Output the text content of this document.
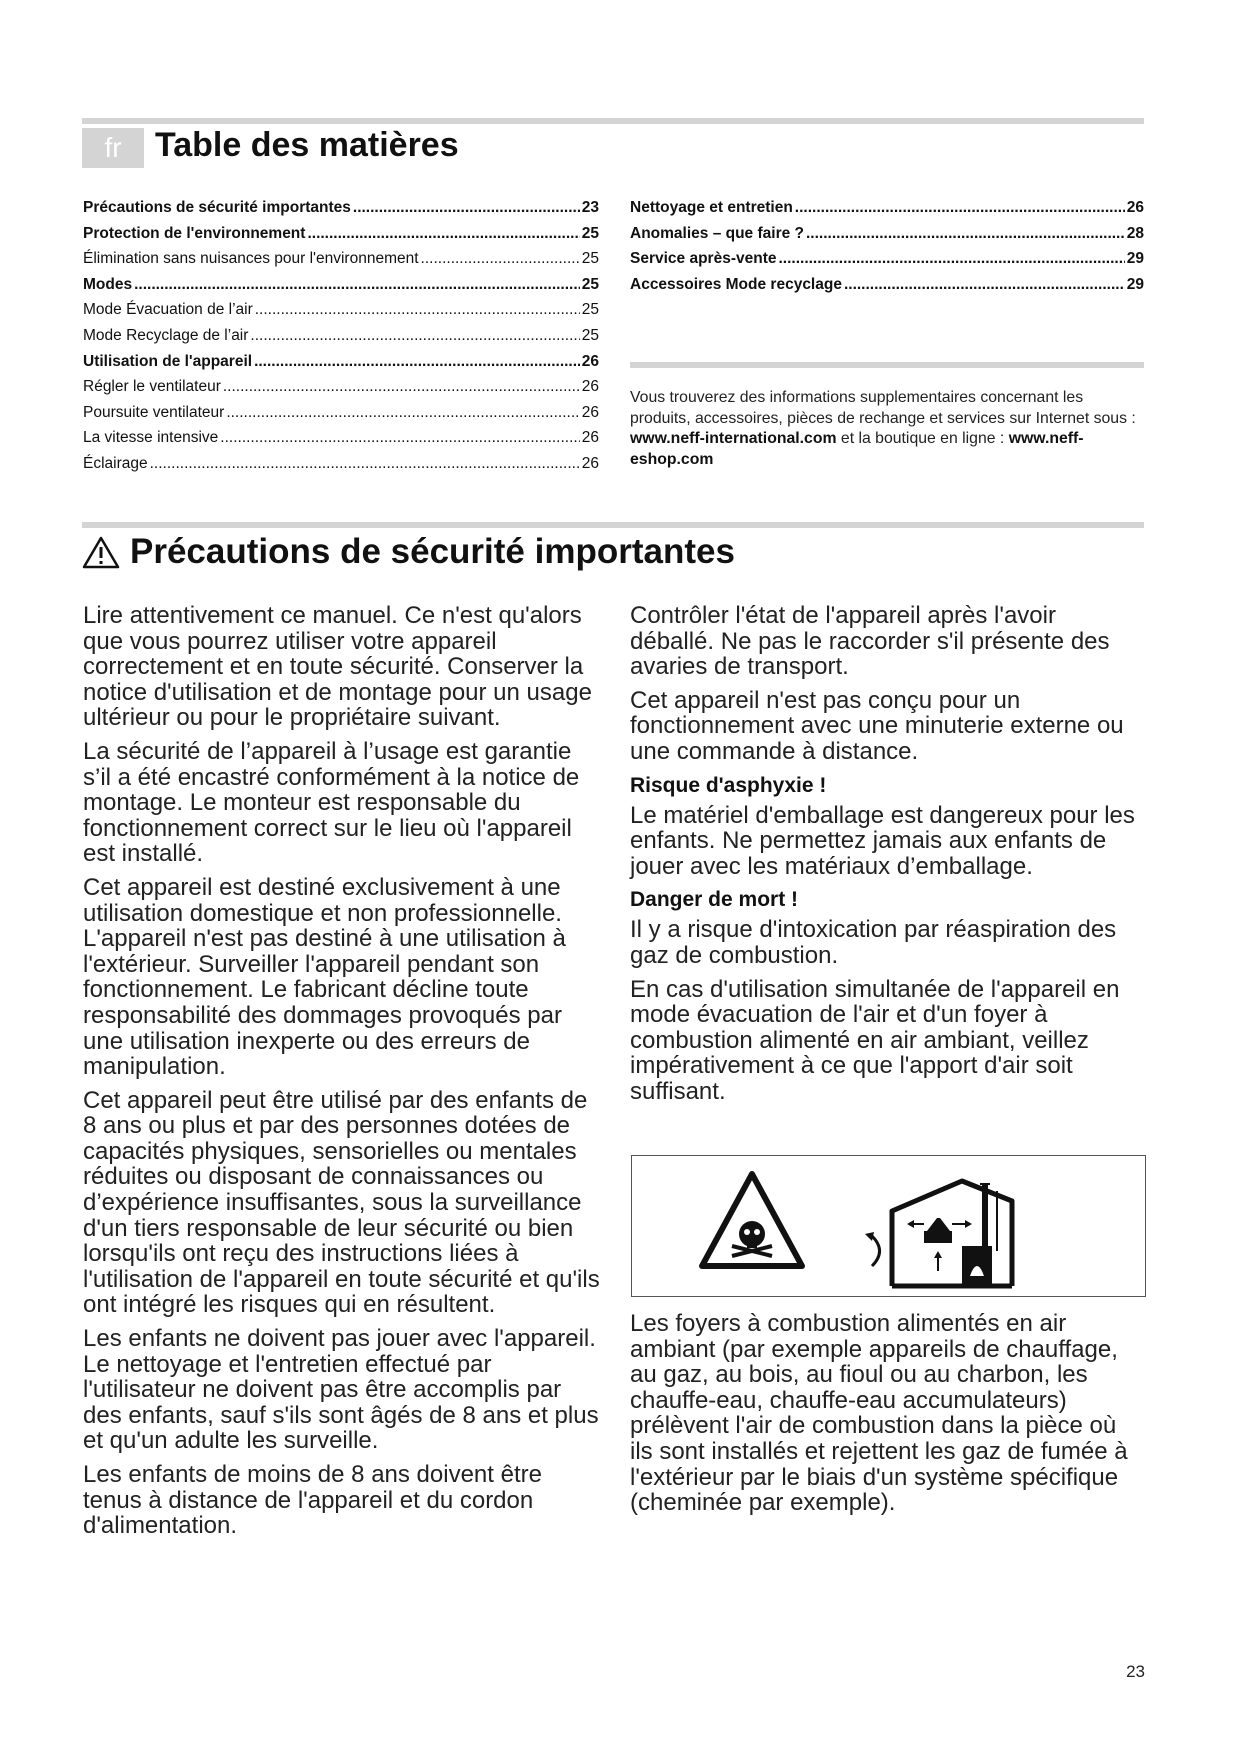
fr Table des matières
Précautions de sécurité importantes .....	23
Protection de l'environnement .....	25
Élimination sans nuisances pour l'environnement .....	25
Modes .....	25
Mode Évacuation de l’air .....	25
Mode Recyclage de l’air .....	25
Utilisation de l'appareil .....	26
Régler le ventilateur .....	26
Poursuite ventilateur .....	26
La vitesse intensive .....	26
Éclairage .....	26
Nettoyage et entretien .....	26
Anomalies – que faire ? .....	28
Service après-vente .....	29
Accessoires Mode recyclage .....	29
Vous trouverez des informations supplementaires concernant les produits, accessoires, pièces de rechange et services sur Internet sous : www.neff-international.com et la boutique en ligne : www.neff-eshop.com
Précautions de sécurité importantes

Lire attentivement ce manuel. Ce n'est qu'alors que vous pourrez utiliser votre appareil correctement et en toute sécurité. Conserver la notice d'utilisation et de montage pour un usage ultérieur ou pour le propriétaire suivant.

La sécurité de l’appareil à l’usage est garantie s’il a été encastré conformément à la notice de montage. Le monteur est responsable du fonctionnement correct sur le lieu où l'appareil est installé.

Cet appareil est destiné exclusivement à une utilisation domestique et non professionnelle. L'appareil n'est pas destiné à une utilisation à l'extérieur. Surveiller l'appareil pendant son fonctionnement. Le fabricant décline toute responsabilité des dommages provoqués par une utilisation inexperte ou des erreurs de manipulation.

Cet appareil peut être utilisé par des enfants de 8 ans ou plus et par des personnes dotées de capacités physiques, sensorielles ou mentales réduites ou disposant de connaissances ou d’expérience insuffisantes, sous la surveillance d'un tiers responsable de leur sécurité ou bien lorsqu'ils ont reçu des instructions liées à l'utilisation de l'appareil en toute sécurité et qu'ils ont intégré les risques qui en résultent.

Les enfants ne doivent pas jouer avec l'appareil. Le nettoyage et l'entretien effectué par l'utilisateur ne doivent pas être accomplis par des enfants, sauf s'ils sont âgés de 8 ans et plus et qu'un adulte les surveille.

Les enfants de moins de 8 ans doivent être tenus à distance de l'appareil et du cordon d'alimentation.

Contrôler l'état de l'appareil après l'avoir déballé. Ne pas le raccorder s'il présente des avaries de transport.

Cet appareil n'est pas conçu pour un fonctionnement avec une minuterie externe ou une commande à distance.

Risque d'asphyxie !

Le matériel d'emballage est dangereux pour les enfants. Ne permettez jamais aux enfants de jouer avec les matériaux d’emballage.

Danger de mort !

Il y a risque d'intoxication par réaspiration des gaz de combustion.

En cas d'utilisation simultanée de l'appareil en mode évacuation de l'air et d'un foyer à combustion alimenté en air ambiant, veillez impérativement à ce que l'apport d'air soit suffisant.

Les foyers à combustion alimentés en air ambiant (par exemple appareils de chauffage, au gaz, au bois, au fioul ou au charbon, les chauffe-eau, chauffe-eau accumulateurs) prélèvent l'air de combustion dans la pièce où ils sont installés et rejettent les gaz de fumée à l'extérieur par le biais d'un système spécifique (cheminée par exemple).

23
